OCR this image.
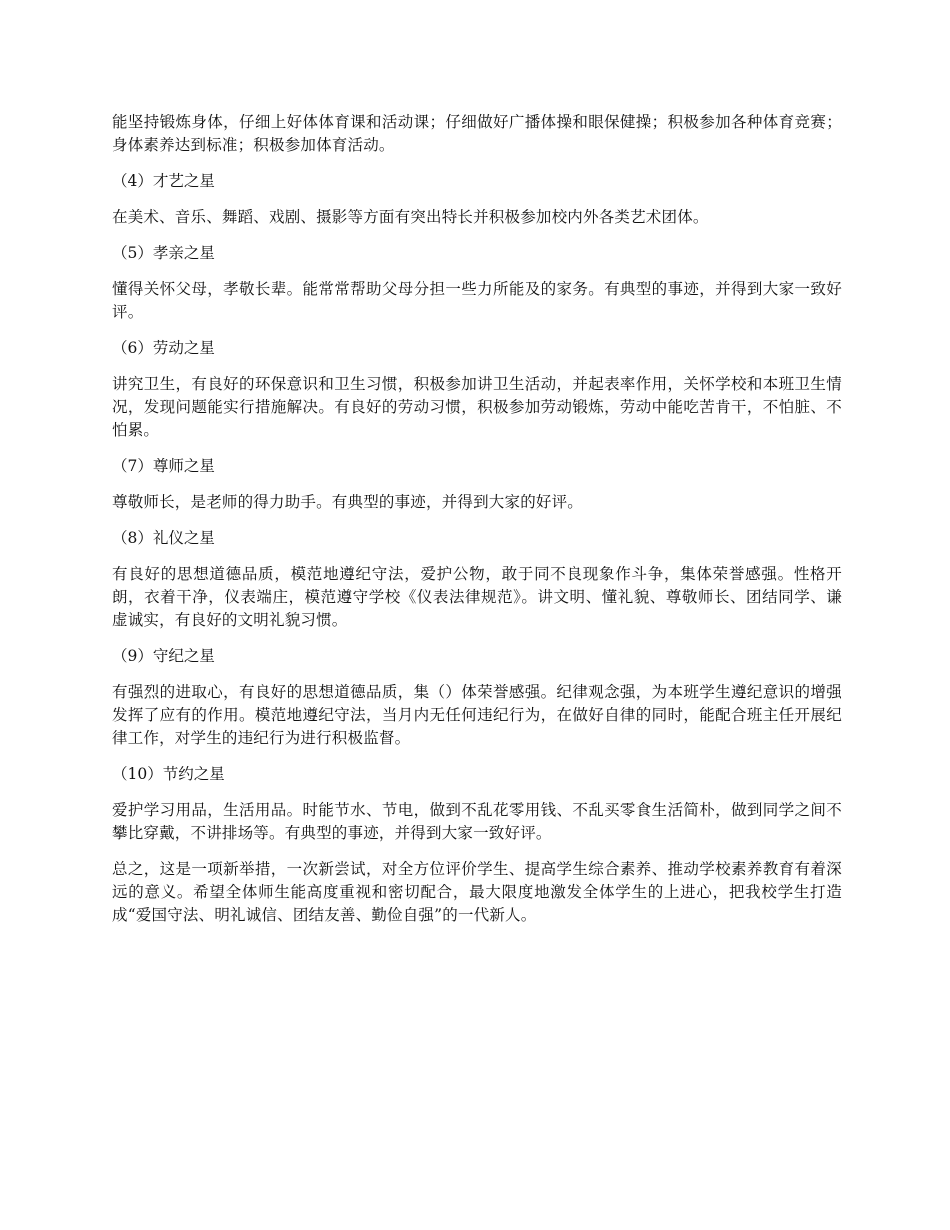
能坚持锻炼身体，仔细上好体体育课和活动课；仔细做好广播体操和眼保健操；积极参加各种体育竞赛；身体素养达到标准；积极参加体育活动。

（4）才艺之星

在美术、音乐、舞蹈、戏剧、摄影等方面有突出特长并积极参加校内外各类艺术团体。

（5）孝亲之星

懂得关怀父母，孝敬长辈。能常常帮助父母分担一些力所能及的家务。有典型的事迹，并得到大家一致好评。

（6）劳动之星

讲究卫生，有良好的环保意识和卫生习惯，积极参加讲卫生活动，并起表率作用，关怀学校和本班卫生情况，发现问题能实行措施解决。有良好的劳动习惯，积极参加劳动锻炼，劳动中能吃苦肯干，不怕脏、不怕累。

（7）尊师之星

尊敬师长，是老师的得力助手。有典型的事迹，并得到大家的好评。

（8）礼仪之星

有良好的思想道德品质，模范地遵纪守法，爱护公物，敢于同不良现象作斗争，集体荣誉感强。性格开朗，衣着干净，仪表端庄，模范遵守学校《仪表法律规范》。讲文明、懂礼貌、尊敬师长、团结同学、谦虚诚实，有良好的文明礼貌习惯。

（9）守纪之星

有强烈的进取心，有良好的思想道德品质，集（）体荣誉感强。纪律观念强，为本班学生遵纪意识的增强发挥了应有的作用。模范地遵纪守法，当月内无任何违纪行为，在做好自律的同时，能配合班主任开展纪律工作，对学生的违纪行为进行积极监督。

（10）节约之星

爱护学习用品，生活用品。时能节水、节电，做到不乱花零用钱、不乱买零食生活简朴，做到同学之间不攀比穿戴，不讲排场等。有典型的事迹，并得到大家一致好评。

总之，这是一项新举措，一次新尝试，对全方位评价学生、提高学生综合素养、推动学校素养教育有着深远的意义。希望全体师生能高度重视和密切配合，最大限度地激发全体学生的上进心，把我校学生打造成“爱国守法、明礼诚信、团结友善、勤俭自强”的一代新人。
